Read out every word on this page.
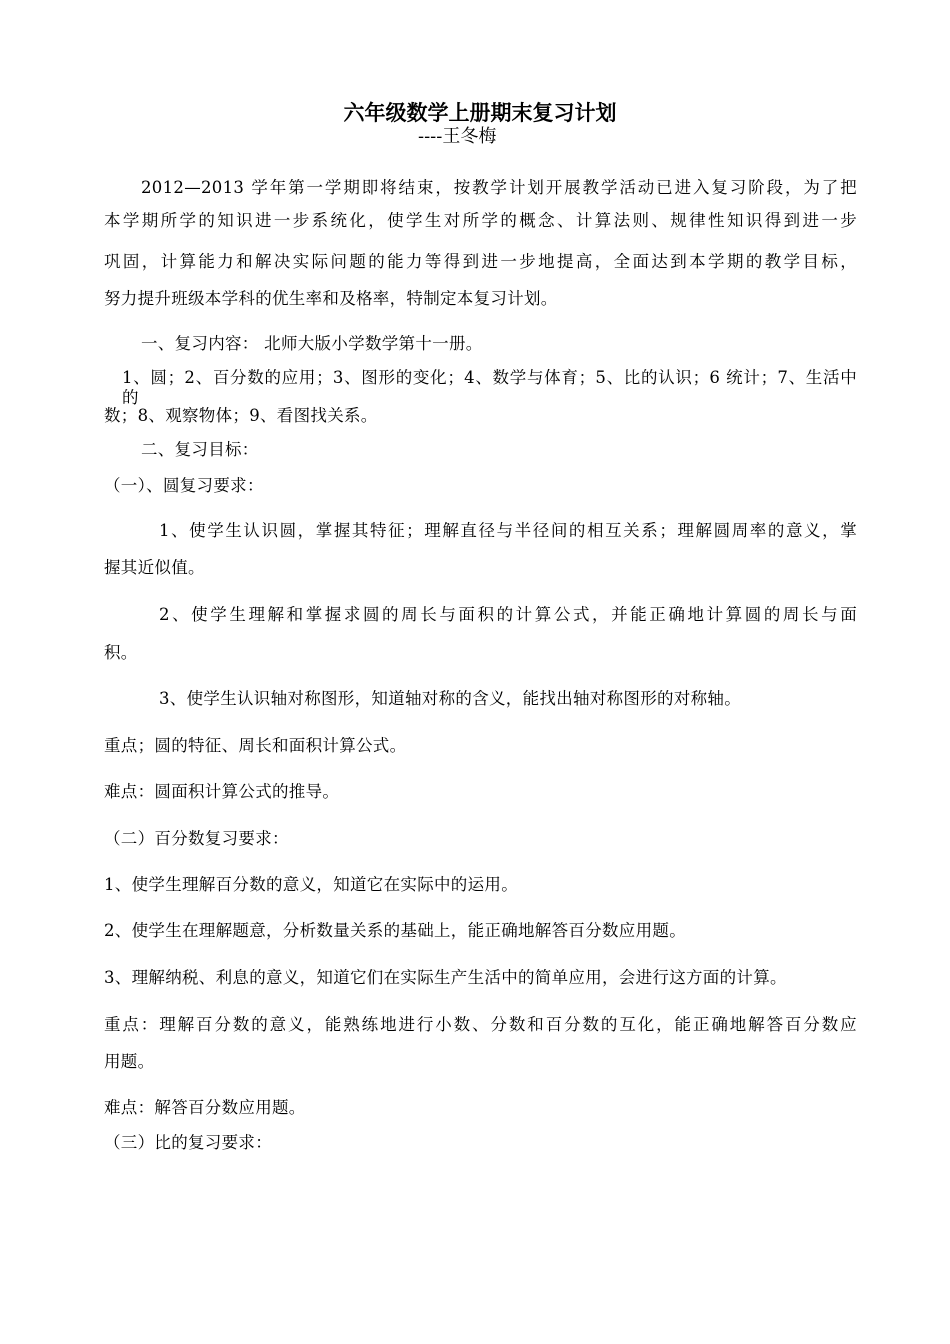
六年级数学上册期末复习计划
----王冬梅
2012—2013 学年第一学期即将结束，按教学计划开展教学活动已进入复习阶段，为了把
本学期所学的知识进一步系统化，使学生对所学的概念、计算法则、规律性知识得到进一步
巩固，计算能力和解决实际问题的能力等得到进一步地提高，全面达到本学期的教学目标，
努力提升班级本学科的优生率和及格率，特制定本复习计划。
一、复习内容： 北师大版小学数学第十一册。
1、圆；2、百分数的应用；3、图形的变化；4、数学与体育；5、比的认识；6 统计；7、生活中的
数；8、观察物体；9、看图找关系。
二、复习目标：
（一）、圆复习要求：
1、使学生认识圆，掌握其特征；理解直径与半径间的相互关系；理解圆周率的意义，掌
握其近似值。
2、使学生理解和掌握求圆的周长与面积的计算公式，并能正确地计算圆的周长与面
积。
3、使学生认识轴对称图形，知道轴对称的含义，能找出轴对称图形的对称轴。
重点；圆的特征、周长和面积计算公式。
难点：圆面积计算公式的推导。
（二）百分数复习要求：
1、使学生理解百分数的意义，知道它在实际中的运用。
2、使学生在理解题意，分析数量关系的基础上，能正确地解答百分数应用题。
3、理解纳税、利息的意义，知道它们在实际生产生活中的简单应用，会进行这方面的计算。
重点：理解百分数的意义，能熟练地进行小数、分数和百分数的互化，能正确地解答百分数应
用题。
难点：解答百分数应用题。
（三）比的复习要求：
